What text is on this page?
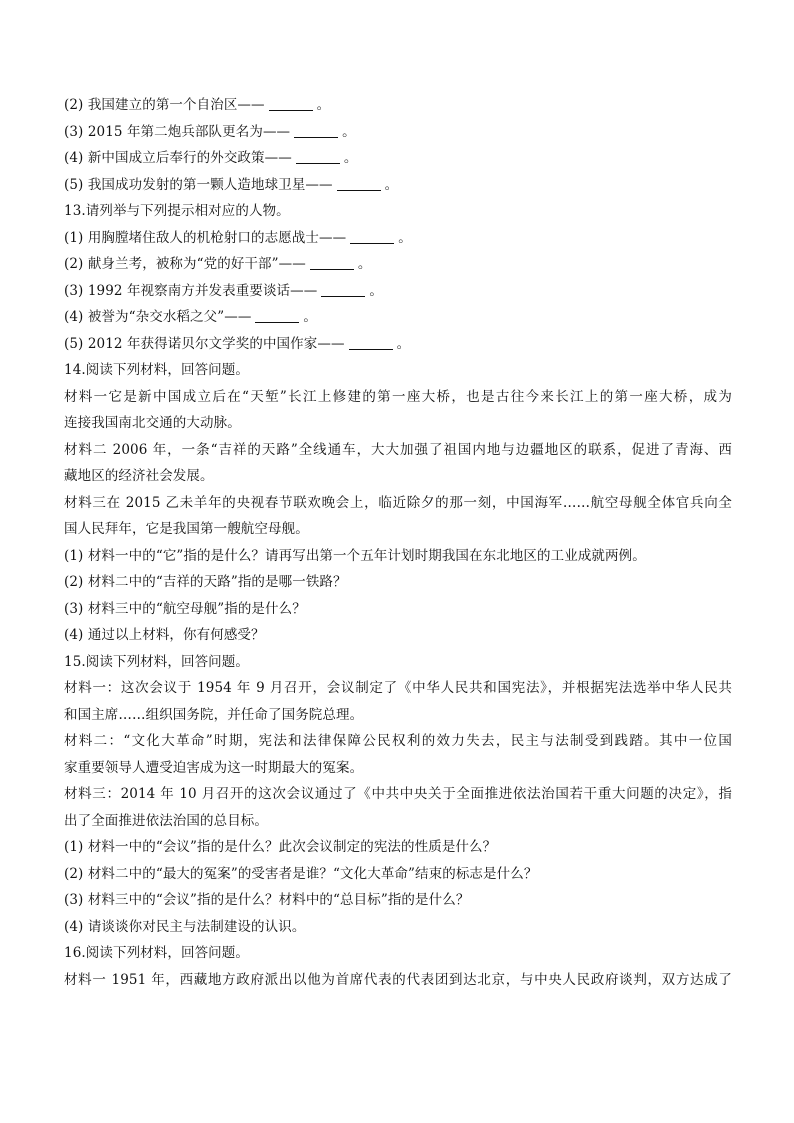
(2) 我国建立的第一个自治区——	。
(3) 2015 年第二炮兵部队更名为——	。
(4) 新中国成立后奉行的外交政策——	。
(5) 我国成功发射的第一颗人造地球卫星——	。
13.请列举与下列提示相对应的人物。
(1) 用胸膛堵住敌人的机枪射口的志愿战士——	。
(2) 献身兰考，被称为“党的好干部”——	。
(3) 1992 年视察南方并发表重要谈话——	。
(4) 被誉为“杂交水稻之父”——	。
(5) 2012 年获得诺贝尔文学奖的中国作家——	。
14.阅读下列材料，回答问题。
材料一它是新中国成立后在“天堑”长江上修建的第一座大桥，也是古往今来长江上的第一座大桥，成为
连接我国南北交通的大动脉。
材料二 2006 年，一条“吉祥的天路”全线通车，大大加强了祖国内地与边疆地区的联系，促进了青海、西
藏地区的经济社会发展。
材料三在 2015 乙未羊年的央视春节联欢晚会上，临近除夕的那一刻，中国海军……航空母舰全体官兵向全
国人民拜年，它是我国第一艘航空母舰。
(1) 材料一中的“它”指的是什么？请再写出第一个五年计划时期我国在东北地区的工业成就两例。
(2) 材料二中的“吉祥的天路”指的是哪一铁路？
(3) 材料三中的“航空母舰”指的是什么？
(4) 通过以上材料，你有何感受？
15.阅读下列材料，回答问题。
材料一：这次会议于 1954 年 9 月召开，会议制定了《中华人民共和国宪法》，并根据宪法选举中华人民共
和国主席……组织国务院，并任命了国务院总理。
材料二：“文化大革命”时期，宪法和法律保障公民权利的效力失去，民主与法制受到践踏。其中一位国
家重要领导人遭受迫害成为这一时期最大的冤案。
材料三：2014 年 10 月召开的这次会议通过了《中共中央关于全面推进依法治国若干重大问题的决定》，指
出了全面推进依法治国的总目标。
(1) 材料一中的“会议”指的是什么？此次会议制定的宪法的性质是什么？
(2) 材料二中的“最大的冤案”的受害者是谁？“文化大革命”结束的标志是什么？
(3) 材料三中的“会议”指的是什么？材料中的“总目标”指的是什么？
(4) 请谈谈你对民主与法制建设的认识。
16.阅读下列材料，回答问题。
材料一 1951 年，西藏地方政府派出以他为首席代表的代表团到达北京，与中央人民政府谈判，双方达成了
